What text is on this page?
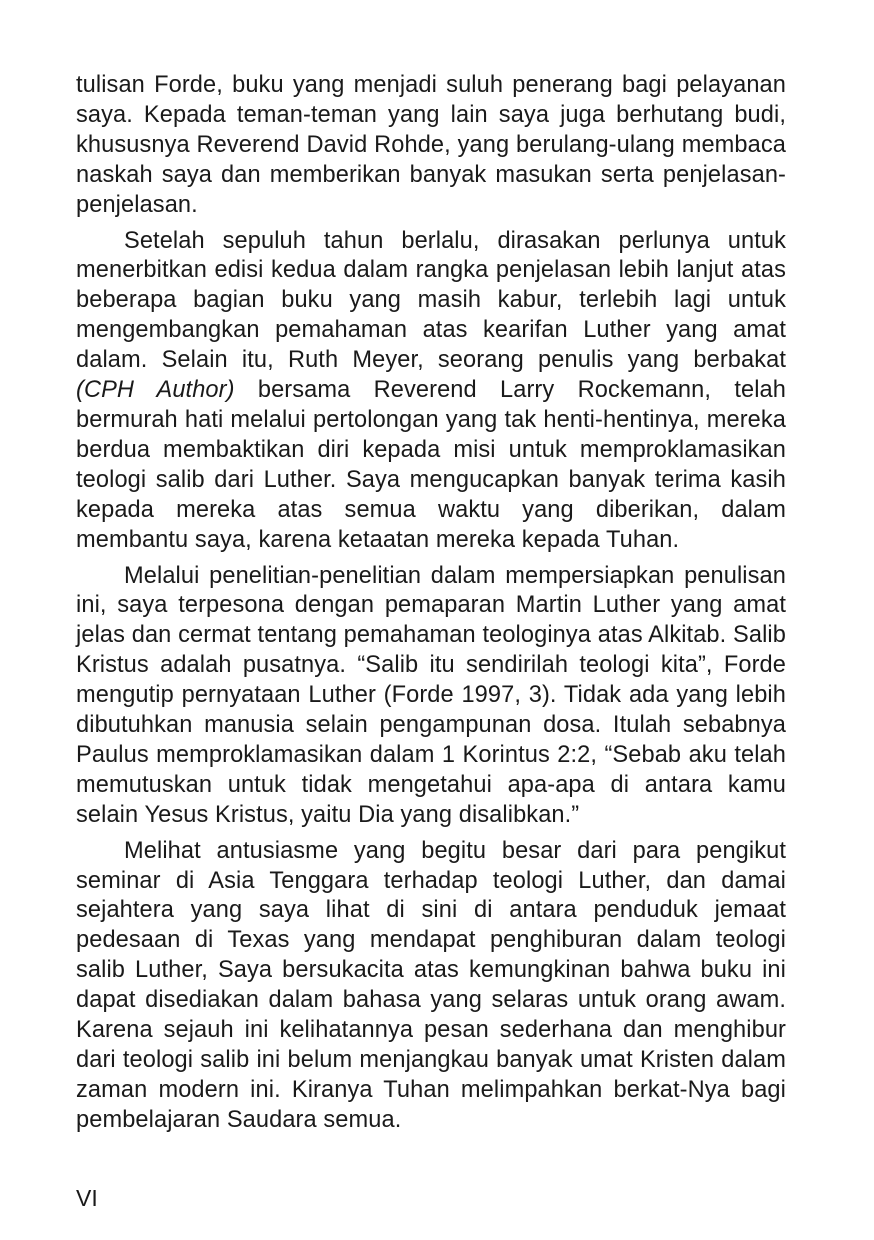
tulisan Forde, buku yang menjadi suluh penerang bagi pelayanan saya. Kepada teman-teman yang lain saya juga berhutang budi, khususnya Reverend David Rohde, yang berulang-ulang membaca naskah saya dan memberikan banyak masukan serta penjelasan-penjelasan.

Setelah sepuluh tahun berlalu, dirasakan perlunya untuk menerbitkan edisi kedua dalam rangka penjelasan lebih lanjut atas beberapa bagian buku yang masih kabur, terlebih lagi untuk mengembangkan pemahaman atas kearifan Luther yang amat dalam. Selain itu, Ruth Meyer, seorang penulis yang berbakat (CPH Author) bersama Reverend Larry Rockemann, telah bermurah hati melalui pertolongan yang tak henti-hentinya, mereka berdua membaktikan diri kepada misi untuk memproklamasikan teologi salib dari Luther. Saya mengucapkan banyak terima kasih kepada mereka atas semua waktu yang diberikan, dalam membantu saya, karena ketaatan mereka kepada Tuhan.

Melalui penelitian-penelitian dalam mempersiapkan penulisan ini, saya terpesona dengan pemaparan Martin Luther yang amat jelas dan cermat tentang pemahaman teologinya atas Alkitab. Salib Kristus adalah pusatnya. “Salib itu sendirilah teologi kita”, Forde mengutip pernyataan Luther (Forde 1997, 3). Tidak ada yang lebih dibutuhkan manusia selain pengampunan dosa. Itulah sebabnya Paulus memproklamasikan dalam 1 Korintus 2:2, “Sebab aku telah memutuskan untuk tidak mengetahui apa-apa di antara kamu selain Yesus Kristus, yaitu Dia yang disalibkan.”

Melihat antusiasme yang begitu besar dari para pengikut seminar di Asia Tenggara terhadap teologi Luther, dan damai sejahtera yang saya lihat di sini di antara penduduk jemaat pedesaan di Texas yang mendapat penghiburan dalam teologi salib Luther, Saya bersukacita atas kemungkinan bahwa buku ini dapat disediakan dalam bahasa yang selaras untuk orang awam. Karena sejauh ini kelihatannya pesan sederhana dan menghibur dari teologi salib ini belum menjangkau banyak umat Kristen dalam zaman modern ini. Kiranya Tuhan melimpahkan berkat-Nya bagi pembelajaran Saudara semua.

VI
